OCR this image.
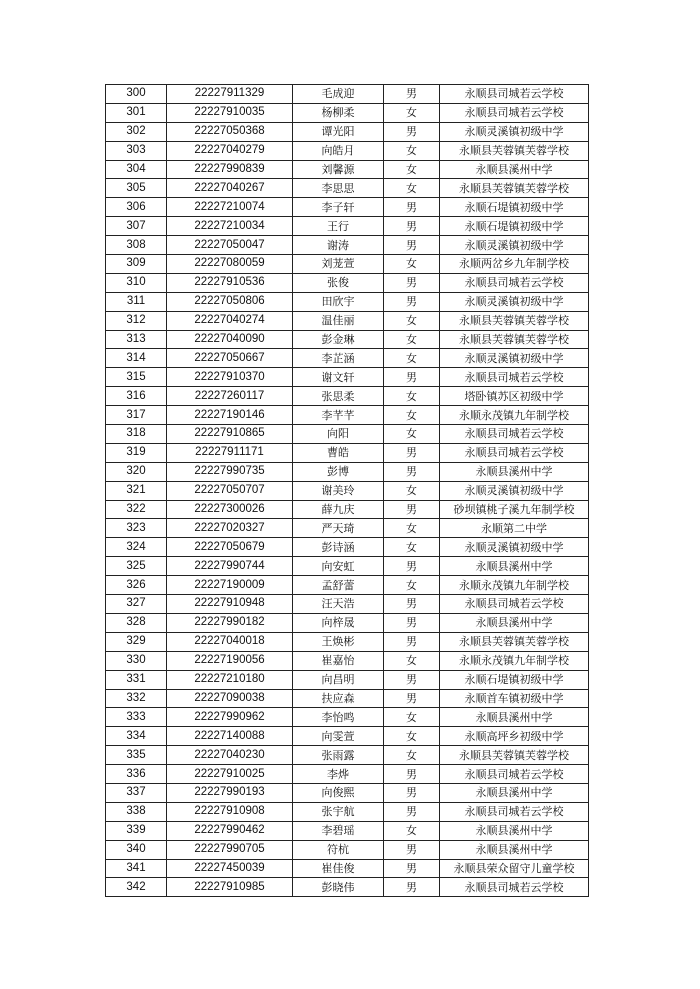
300	22227911329	毛成迎	男	永顺县司城若云学校
301	22227910035	杨柳柔	女	永顺县司城若云学校
302	22227050368	谭光阳	男	永顺灵溪镇初级中学
303	22227040279	向皓月	女	永顺县芙蓉镇芙蓉学校
304	22227990839	刘馨源	女	永顺县溪州中学
305	22227040267	李思思	女	永顺县芙蓉镇芙蓉学校
306	22227210074	李子轩	男	永顺石堤镇初级中学
307	22227210034	王行	男	永顺石堤镇初级中学
308	22227050047	谢涛	男	永顺灵溪镇初级中学
309	22227080059	刘茏萱	女	永顺两岔乡九年制学校
310	22227910536	张俊	男	永顺县司城若云学校
311	22227050806	田欣宇	男	永顺灵溪镇初级中学
312	22227040274	温佳丽	女	永顺县芙蓉镇芙蓉学校
313	22227040090	彭金琳	女	永顺县芙蓉镇芙蓉学校
314	22227050667	李芷涵	女	永顺灵溪镇初级中学
315	22227910370	谢文轩	男	永顺县司城若云学校
316	22227260117	张思柔	女	塔卧镇苏区初级中学
317	22227190146	李芊芊	女	永顺永茂镇九年制学校
318	22227910865	向阳	女	永顺县司城若云学校
319	22227911171	曹皓	男	永顺县司城若云学校
320	22227990735	彭博	男	永顺县溪州中学
321	22227050707	谢美玲	女	永顺灵溪镇初级中学
322	22227300026	薛九庆	男	砂坝镇桃子溪九年制学校
323	22227020327	严天琦	女	永顺第二中学
324	22227050679	彭诗涵	女	永顺灵溪镇初级中学
325	22227990744	向安虹	男	永顺县溪州中学
326	22227190009	孟舒蕾	女	永顺永茂镇九年制学校
327	22227910948	汪天浩	男	永顺县司城若云学校
328	22227990182	向梓晟	男	永顺县溪州中学
329	22227040018	王焕彬	男	永顺县芙蓉镇芙蓉学校
330	22227190056	崔嘉怡	女	永顺永茂镇九年制学校
331	22227210180	向昌明	男	永顺石堤镇初级中学
332	22227090038	扶应森	男	永顺首车镇初级中学
333	22227990962	李怡鸣	女	永顺县溪州中学
334	22227140088	向雯萱	女	永顺高坪乡初级中学
335	22227040230	张雨露	女	永顺县芙蓉镇芙蓉学校
336	22227910025	李烨	男	永顺县司城若云学校
337	22227990193	向俊熙	男	永顺县溪州中学
338	22227910908	张宇航	男	永顺县司城若云学校
339	22227990462	李碧瑶	女	永顺县溪州中学
340	22227990705	符杭	男	永顺县溪州中学
341	22227450039	崔佳俊	男	永顺县荣众留守儿童学校
342	22227910985	彭晓伟	男	永顺县司城若云学校
